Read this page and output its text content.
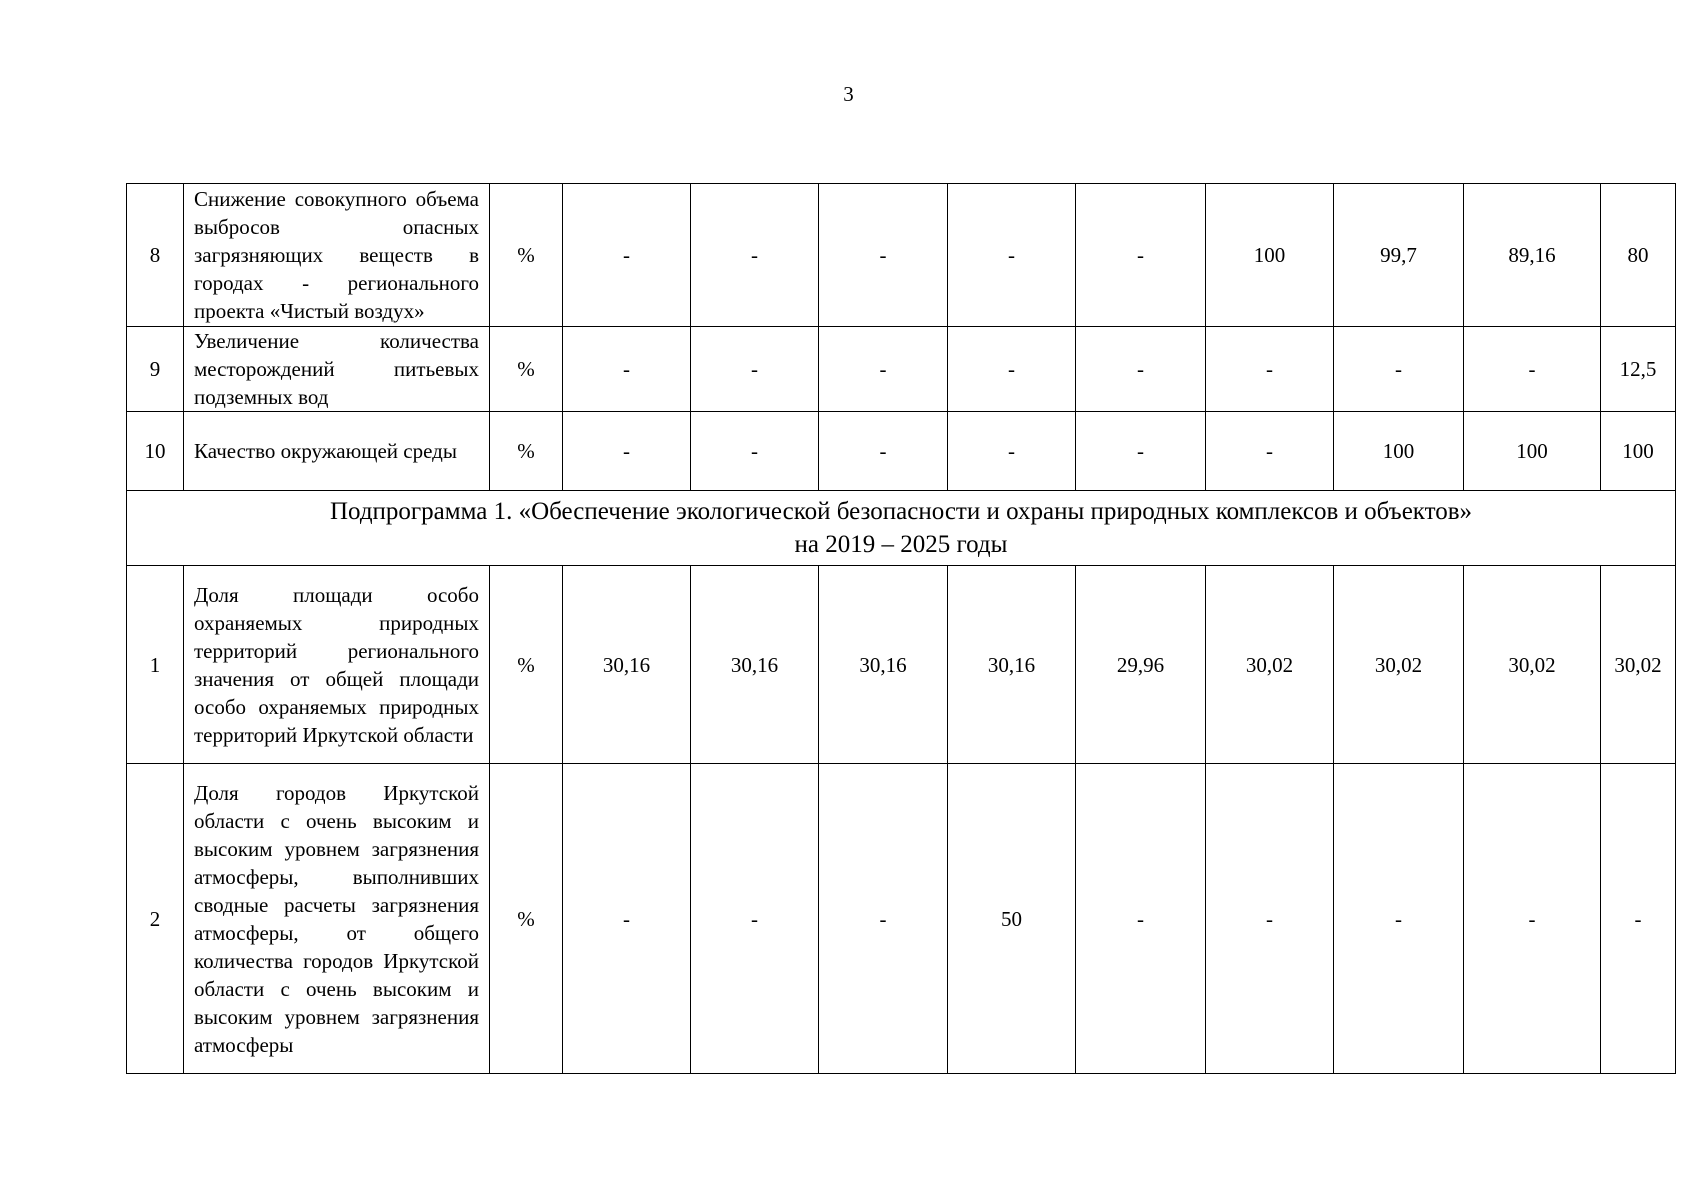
3
8	Снижение совокупного объема выбросов опасных загрязняющих веществ в городах - регионального проекта «Чистый воздух»	%	-	-	-	-	-	100	99,7	89,16	80
9	Увеличение количества месторождений питьевых подземных вод	%	-	-	-	-	-	-	-	-	12,5
10	Качество окружающей среды	%	-	-	-	-	-	-	100	100	100

Подпрограмма 1. «Обеспечение экологической безопасности и охраны природных комплексов и объектов»
на 2019 – 2025 годы											

1	Доля площади особо охраняемых природных территорий регионального значения от общей площади особо охраняемых природных территорий Иркутской области	%	30,16	30,16	30,16	30,16	29,96	30,02	30,02	30,02	30,02
2	Доля городов Иркутской области с очень высоким и высоким уровнем загрязнения атмосферы, выполнивших сводные расчеты загрязнения атмосферы, от общего количества городов Иркутской области с очень высоким и высоким уровнем загрязнения атмосферы	%	-	-	-	50	-	-	-	-	-
